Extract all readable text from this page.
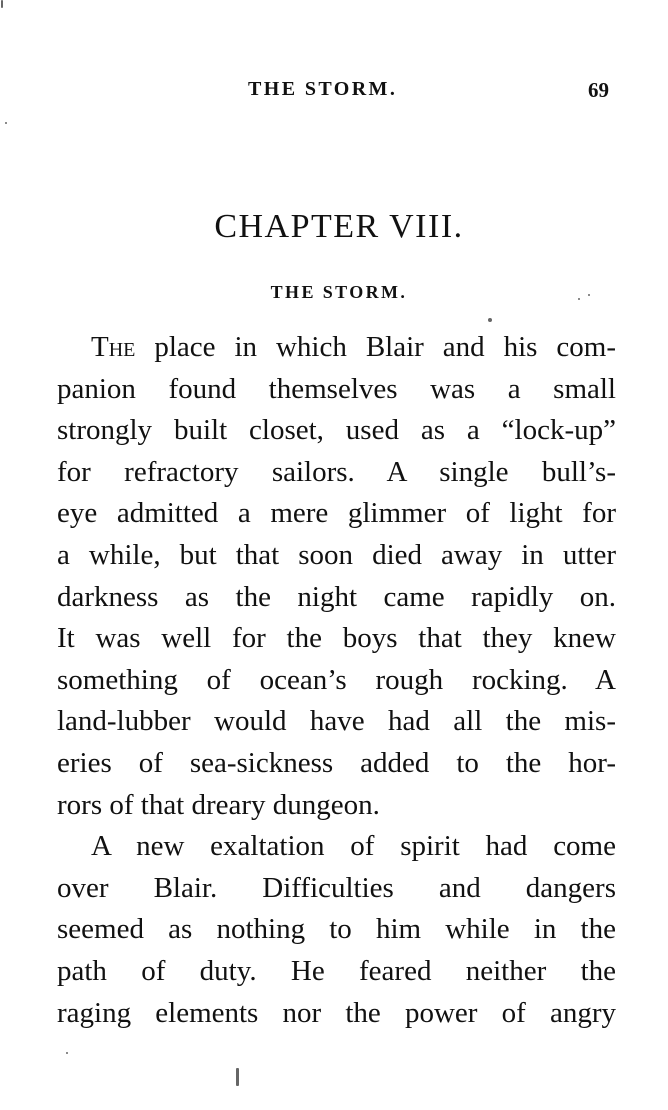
THE STORM.	69
CHAPTER VIII.
THE STORM.
The place in which Blair and his com-
panion found themselves was a small
strongly built closet, used as a “lock-up”
for refractory sailors. A single bull’s-
eye admitted a mere glimmer of light for
a while, but that soon died away in utter
darkness as the night came rapidly on.
It was well for the boys that they knew
something of ocean’s rough rocking. A
land-lubber would have had all the mis-
eries of sea-sickness added to the hor-
rors of that dreary dungeon.
A new exaltation of spirit had come
over Blair. Difficulties and dangers
seemed as nothing to him while in the
path of duty. He feared neither the
raging elements nor the power of angry
